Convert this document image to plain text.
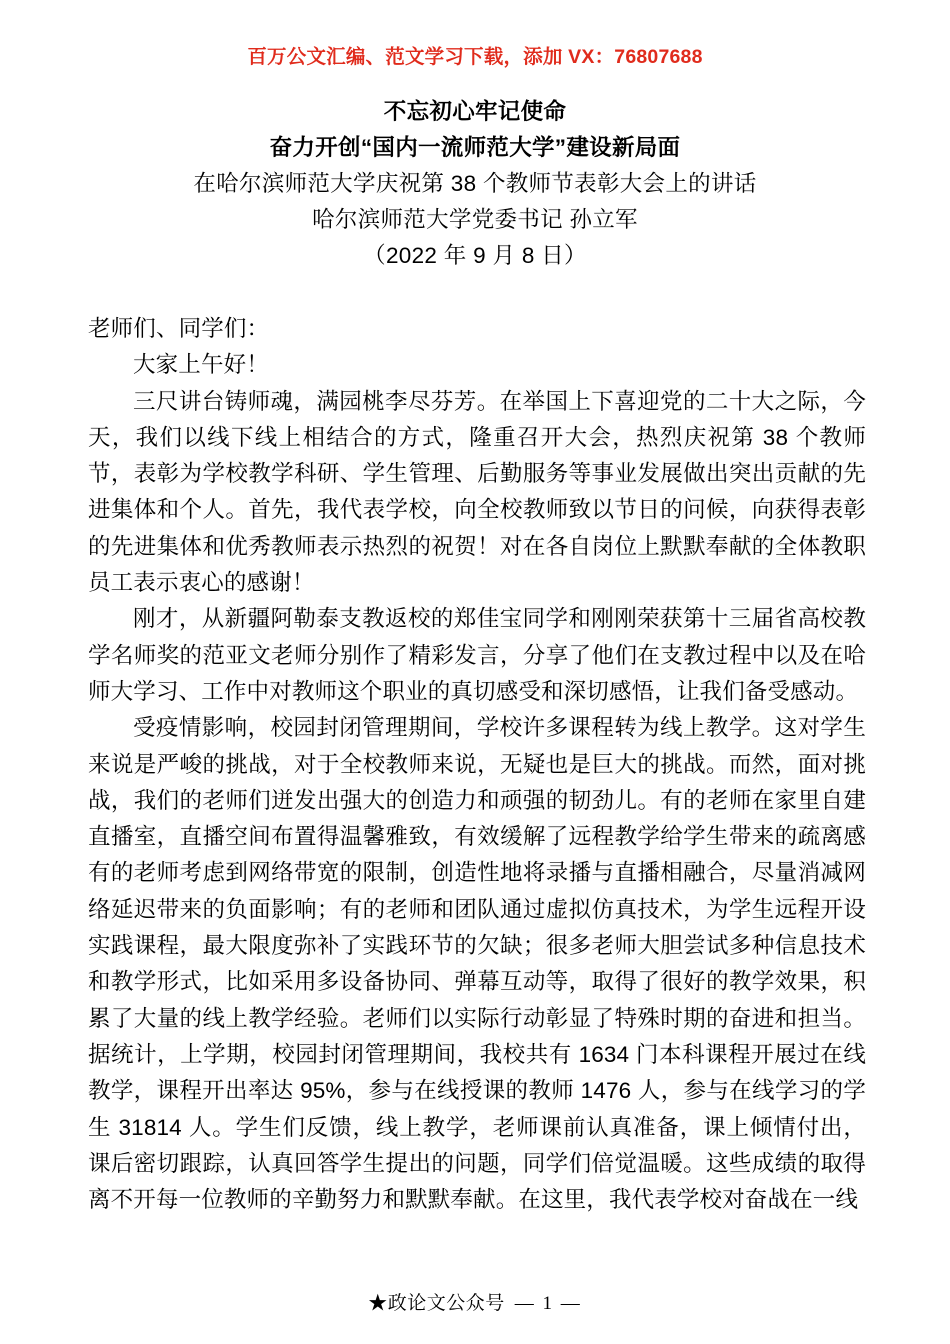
百万公文汇编、范文学习下载，添加 VX：76807688
不忘初心牢记使命
奋力开创“国内一流师范大学”建设新局面
在哈尔滨师范大学庆祝第 38 个教师节表彰大会上的讲话
哈尔滨师范大学党委书记 孙立军
（2022 年 9 月 8 日）

老师们、同学们：

大家上午好！

三尺讲台铸师魂，满园桃李尽芬芳。在举国上下喜迎党的二十大之际，今天，我们以线下线上相结合的方式，隆重召开大会，热烈庆祝第 38 个教师节，表彰为学校教学科研、学生管理、后勤服务等事业发展做出突出贡献的先进集体和个人。首先，我代表学校，向全校教师致以节日的问候，向获得表彰的先进集体和优秀教师表示热烈的祝贺！对在各自岗位上默默奉献的全体教职员工表示衷心的感谢！

刚才，从新疆阿勒泰支教返校的郑佳宝同学和刚刚荣获第十三届省高校教学名师奖的范亚文老师分别作了精彩发言，分享了他们在支教过程中以及在哈师大学习、工作中对教师这个职业的真切感受和深切感悟，让我们备受感动。

受疫情影响，校园封闭管理期间，学校许多课程转为线上教学。这对学生来说是严峻的挑战，对于全校教师来说，无疑也是巨大的挑战。而然，面对挑战，我们的老师们迸发出强大的创造力和顽强的韧劲儿。有的老师在家里自建直播室，直播空间布置得温馨雅致，有效缓解了远程教学给学生带来的疏离感有的老师考虑到网络带宽的限制，创造性地将录播与直播相融合，尽量消减网络延迟带来的负面影响；有的老师和团队通过虚拟仿真技术，为学生远程开设实践课程，最大限度弥补了实践环节的欠缺；很多老师大胆尝试多种信息技术和教学形式，比如采用多设备协同、弹幕互动等，取得了很好的教学效果，积累了大量的线上教学经验。老师们以实际行动彰显了特殊时期的奋进和担当。据统计，上学期，校园封闭管理期间，我校共有 1634 门本科课程开展过在线教学，课程开出率达 95%，参与在线授课的教师 1476 人，参与在线学习的学生 31814 人。学生们反馈，线上教学，老师课前认真准备，课上倾情付出，课后密切跟踪，认真回答学生提出的问题，同学们倍觉温暖。这些成绩的取得离不开每一位教师的辛勤努力和默默奉献。在这里，我代表学校对奋战在一线

★政论文公众号 — 1 —
